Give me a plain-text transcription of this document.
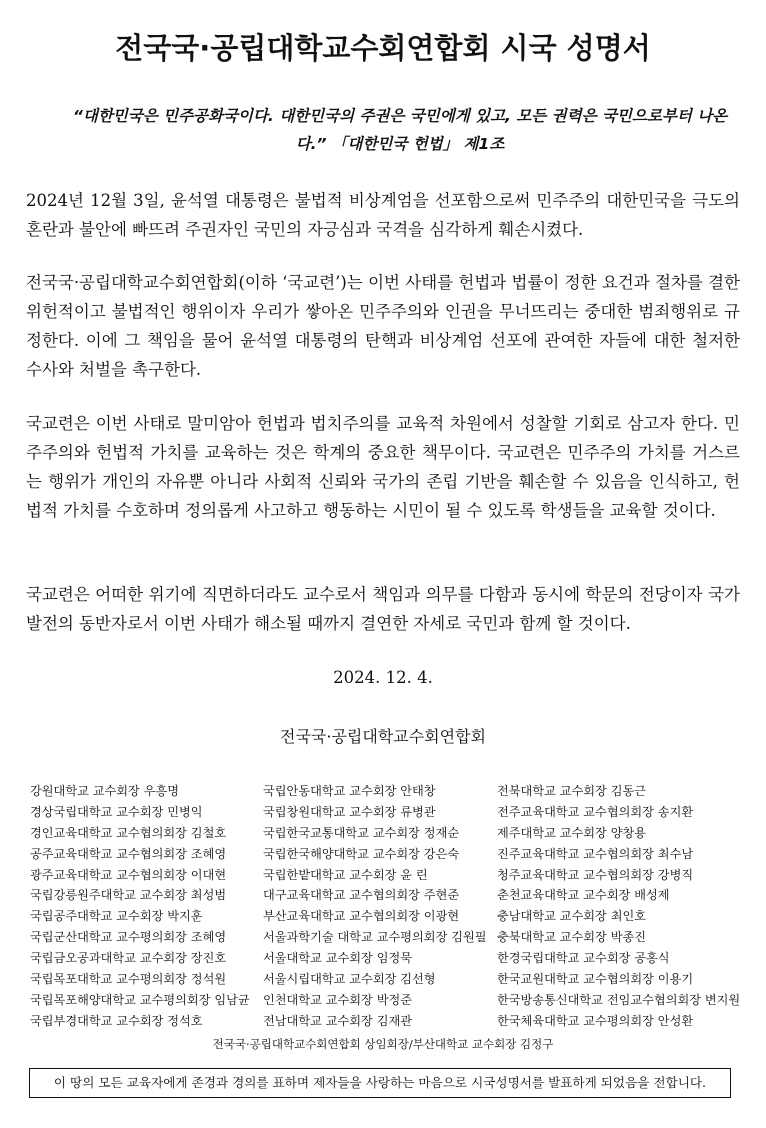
전국국·공립대학교수회연합회 시국 성명서
“대한민국은 민주공화국이다. 대한민국의 주권은 국민에게 있고, 모든 권력은 국민으로부터 나온다.” 「대한민국 헌법」 제1조

2024년 12월 3일, 윤석열 대통령은 불법적 비상계엄을 선포함으로써 민주주의 대한민국을 극도의 혼란과 불안에 빠뜨려 주권자인 국민의 자긍심과 국격을 심각하게 훼손시켰다.

전국국·공립대학교수회연합회(이하 ‘국교련’)는 이번 사태를 헌법과 법률이 정한 요건과 절차를 결한 위헌적이고 불법적인 행위이자 우리가 쌓아온 민주주의와 인권을 무너뜨리는 중대한 범죄행위로 규정한다. 이에 그 책임을 물어 윤석열 대통령의 탄핵과 비상계엄 선포에 관여한 자들에 대한 철저한 수사와 처벌을 촉구한다.

국교련은 이번 사태로 말미암아 헌법과 법치주의를 교육적 차원에서 성찰할 기회로 삼고자 한다. 민주주의와 헌법적 가치를 교육하는 것은 학계의 중요한 책무이다. 국교련은 민주주의 가치를 거스르는 행위가 개인의 자유뿐 아니라 사회적 신뢰와 국가의 존립 기반을 훼손할 수 있음을 인식하고, 헌법적 가치를 수호하며 정의롭게 사고하고 행동하는 시민이 될 수 있도록 학생들을 교육할 것이다.

국교련은 어떠한 위기에 직면하더라도 교수로서 책임과 의무를 다함과 동시에 학문의 전당이자 국가 발전의 동반자로서 이번 사태가 해소될 때까지 결연한 자세로 국민과 함께 할 것이다.

2024. 12. 4.
전국국·공립대학교수회연합회
강원대학교 교수회장 우흥명
경상국립대학교 교수회장 민병익
경인교육대학교 교수협의회장 김철호
공주교육대학교 교수협의회장 조혜영
광주교육대학교 교수협의회장 이대현
국립강릉원주대학교 교수회장 최성범
국립공주대학교 교수회장 박지훈
국립군산대학교 교수평의회장 조혜영
국립금오공과대학교 교수회장 장진호
국립목포대학교 교수평의회장 정석원
국립목포해양대학교 교수평의회장 임남균
국립부경대학교 교수회장 정석호
국립안동대학교 교수회장 안태창
국립창원대학교 교수회장 류병관
국립한국교통대학교 교수회장 정재순
국립한국해양대학교 교수회장 강은숙
국립한밭대학교 교수회장 윤 린
대구교육대학교 교수협의회장 주현준
부산교육대학교 교수협의회장 이광현
서울과학기술 대학교 교수평의회장 김원필
서울대학교 교수회장 임정묵
서울시립대학교 교수회장 김선형
인천대학교 교수회장 박정준
전남대학교 교수회장 김재관
전북대학교 교수회장 김동근
전주교육대학교 교수협의회장 송지환
제주대학교 교수회장 양창용
진주교육대학교 교수협의회장 최수남
청주교육대학교 교수협의회장 강병직
춘천교육대학교 교수회장 배성제
충남대학교 교수회장 최인호
충북대학교 교수회장 박종진
한경국립대학교 교수회장 공홍식
한국교원대학교 교수협의회장 이용기
한국방송통신대학교 전임교수협의회장 변지원
한국체육대학교 교수평의회장 안성환
전국국·공립대학교수회연합회 상임회장/부산대학교 교수회장 김정구
이 땅의 모든 교육자에게 존경과 경의를 표하며 제자들을 사랑하는 마음으로 시국성명서를 발표하게 되었음을 전합니다.
